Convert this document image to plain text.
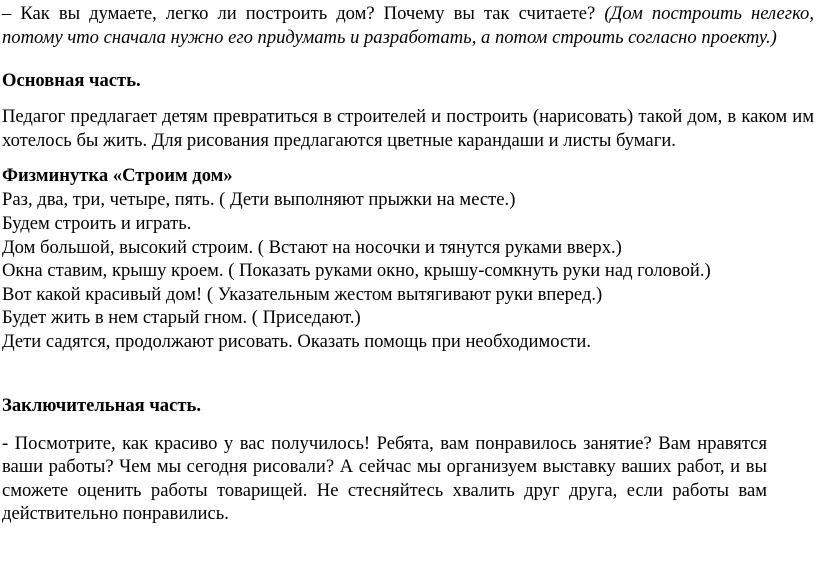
– Как вы думаете, легко ли построить дом? Почему вы так считаете? (Дом построить нелегко, потому что сначала нужно его придумать и разработать, а потом строить согласно проекту.)

Основная часть.

Педагог предлагает детям превратиться в строителей и построить (нарисовать) такой дом, в каком им хотелось бы жить. Для рисования предлагаются цветные карандаши и листы бумаги.

Физминутка «Строим дом»
Раз, два, три, четыре, пять. ( Дети выполняют прыжки на месте.)
Будем строить и играть.
Дом большой, высокий строим. ( Встают на носочки и тянутся руками вверх.)
Окна ставим, крышу кроем. ( Показать руками окно, крышу-сомкнуть руки над головой.)
Вот какой красивый дом! ( Указательным жестом вытягивают руки вперед.)
Будет жить в нем старый гном. ( Приседают.)
Дети садятся, продолжают рисовать. Оказать помощь при необходимости.
Заключительная часть.

- Посмотрите, как красиво у вас получилось! Ребята, вам понравилось занятие? Вам нравятся ваши работы? Чем мы сегодня рисовали? А сейчас мы организуем выставку ваших работ, и вы сможете оценить работы товарищей. Не стесняйтесь хвалить друг друга, если работы вам действительно понравились.
